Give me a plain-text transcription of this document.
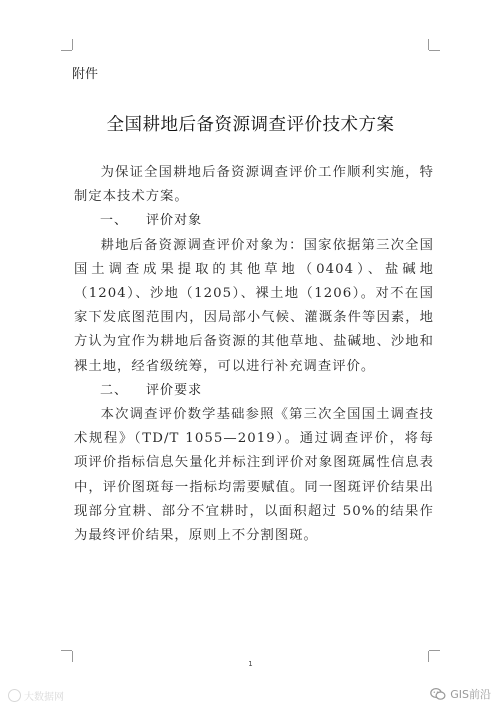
附件
全国耕地后备资源调查评价技术方案

为保证全国耕地后备资源调查评价工作顺利实施，特制定本技术方案。

一、 评价对象

耕地后备资源调查评价对象为：国家依据第三次全国国土调查成果提取的其他草地（0404）、盐碱地（1204）、沙地（1205）、裸土地（1206）。对不在国家下发底图范围内，因局部小气候、灌溉条件等因素，地方认为宜作为耕地后备资源的其他草地、盐碱地、沙地和裸土地，经省级统筹，可以进行补充调查评价。

二、 评价要求

本次调查评价数学基础参照《第三次全国国土调查技术规程》（TD/T 1055—2019）。通过调查评价，将每项评价指标信息矢量化并标注到评价对象图斑属性信息表中，评价图斑每一指标均需要赋值。同一图斑评价结果出现部分宜耕、部分不宜耕时，以面积超过 50%的结果作为最终评价结果，原则上不分割图斑。

1
大数据网	GIS前沿
